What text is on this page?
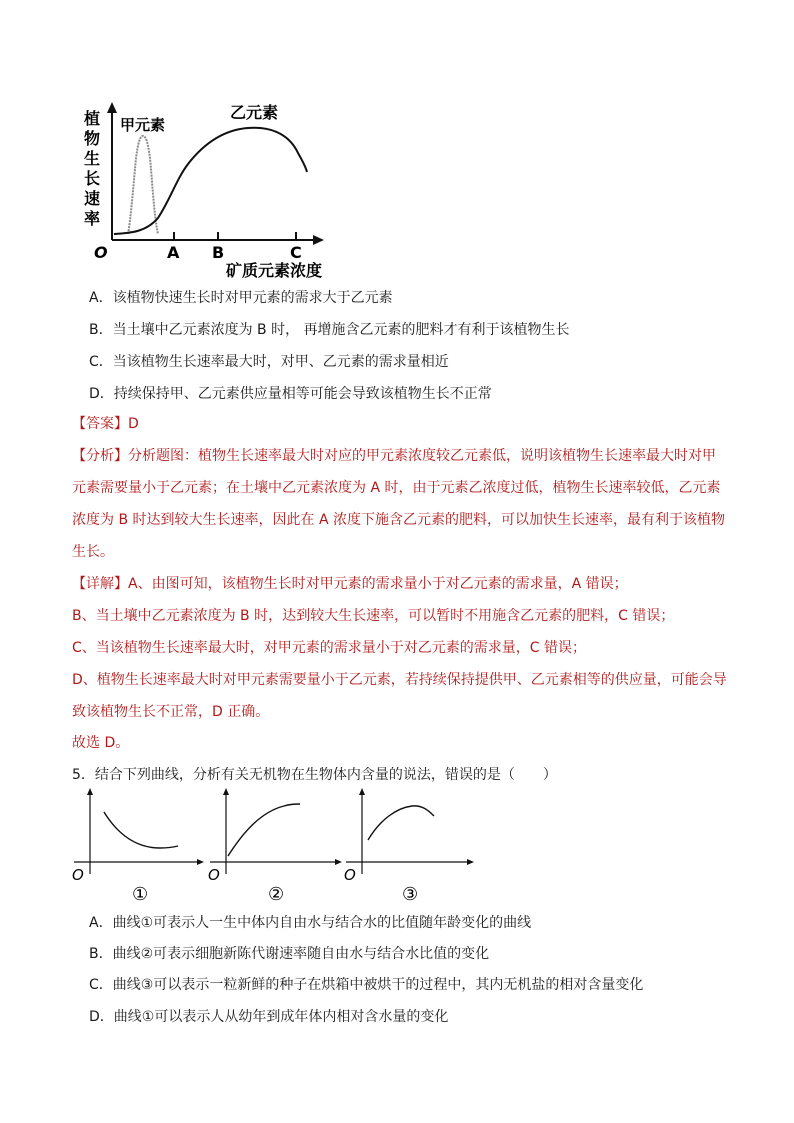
植
物
生
长
速
率
甲元素
乙元素
O	A B	C
矿质元素浓度
A．该植物快速生长时对甲元素的需求大于乙元素
B．当土壤中乙元素浓度为 B 时， 再增施含乙元素的肥料才有利于该植物生长
C．当该植物生长速率最大时，对甲、乙元素的需求量相近
D．持续保持甲、乙元素供应量相等可能会导致该植物生长不正常
【答案】D
【分析】分析题图：植物生长速率最大时对应的甲元素浓度较乙元素低，说明该植物生长速率最大时对甲
元素需要量小于乙元素；在土壤中乙元素浓度为 A 时，由于元素乙浓度过低，植物生长速率较低，乙元素
浓度为 B 时达到较大生长速率，因此在 A 浓度下施含乙元素的肥料，可以加快生长速率，最有利于该植物
生长。
【详解】A、由图可知，该植物生长时对甲元素的需求量小于对乙元素的需求量，A 错误；
B、当土壤中乙元素浓度为 B 时，达到较大生长速率，可以暂时不用施含乙元素的肥料，C 错误；
C、当该植物生长速率最大时，对甲元素的需求量小于对乙元素的需求量，C 错误；
D、植物生长速率最大时对甲元素需要量小于乙元素，若持续保持提供甲、乙元素相等的供应量，可能会导
致该植物生长不正常，D 正确。
故选 D。
5．结合下列曲线，分析有关无机物在生物体内含量的说法，错误的是（　　）
O
①
O
②
O
③
A．曲线①可表示人一生中体内自由水与结合水的比值随年龄变化的曲线
B．曲线②可表示细胞新陈代谢速率随自由水与结合水比值的变化
C．曲线③可以表示一粒新鲜的种子在烘箱中被烘干的过程中，其内无机盐的相对含量变化
D．曲线①可以表示人从幼年到成年体内相对含水量的变化
